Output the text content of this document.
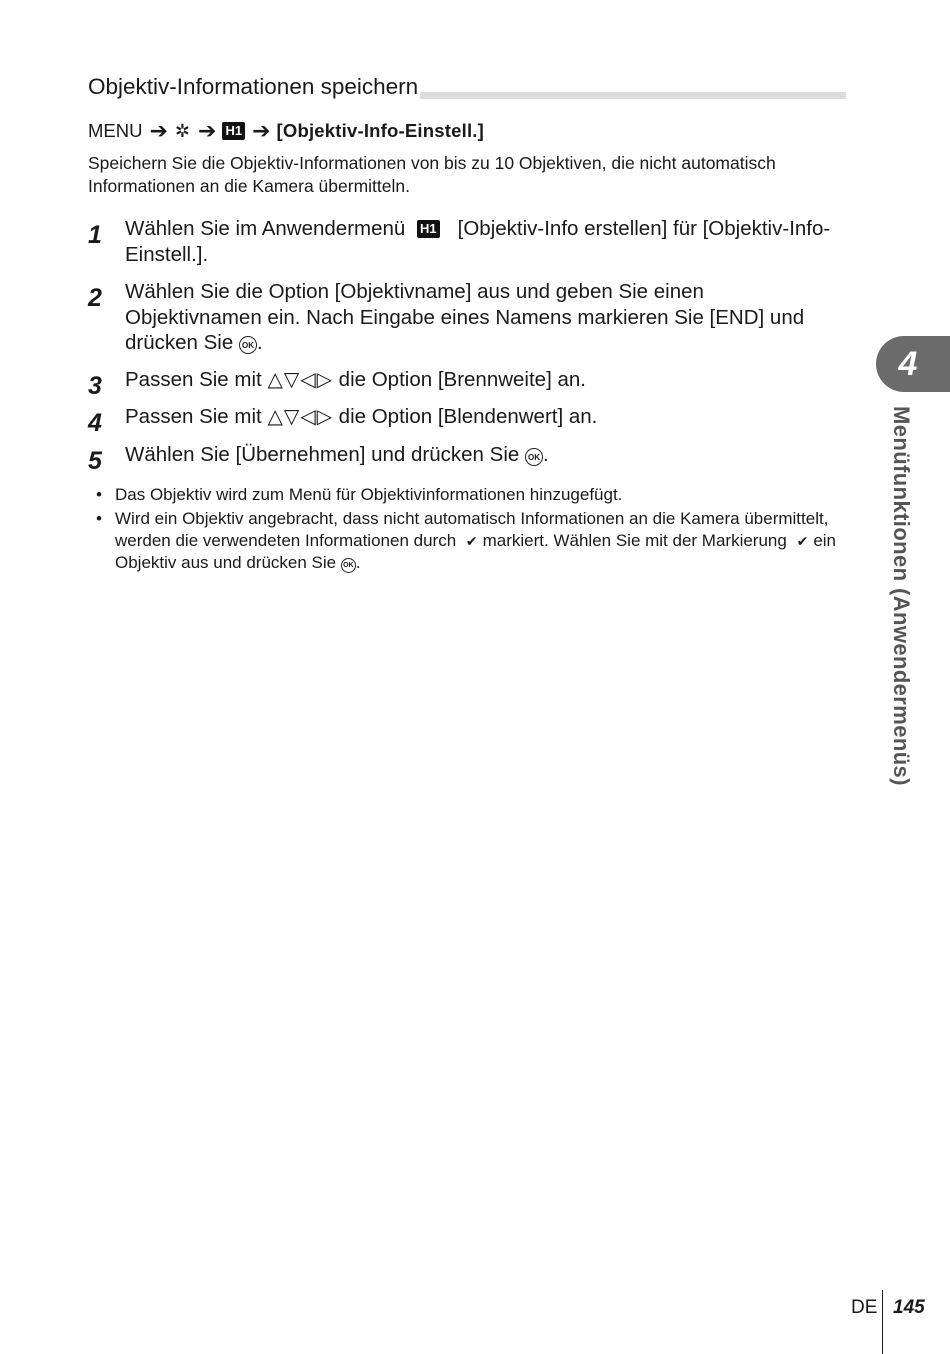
Objektiv-Informationen speichern
MENU ➔ ✲ ➔ H1 ➔ [Objektiv-Info-Einstell.]

Speichern Sie die Objektiv-Informationen von bis zu 10 Objektiven, die nicht automatisch Informationen an die Kamera übermitteln.

1 Wählen Sie im Anwendermenü H1 [Objektiv-Info erstellen] für [Objektiv-Info-Einstell.].
2 Wählen Sie die Option [Objektivname] aus und geben Sie einen Objektivnamen ein. Nach Eingabe eines Namens markieren Sie [END] und drücken Sie OK .
3 Passen Sie mit △▽◁▷ die Option [Brennweite] an.
4 Passen Sie mit △▽◁▷ die Option [Blendenwert] an.
5 Wählen Sie [Übernehmen] und drücken Sie OK .
• Das Objektiv wird zum Menü für Objektivinformationen hinzugefügt.
• Wird ein Objektiv angebracht, dass nicht automatisch Informationen an die Kamera übermittelt, werden die verwendeten Informationen durch ✔ markiert. Wählen Sie mit der Markierung ✔ ein Objektiv aus und drücken Sie OK .
4
Menüfunktionen (Anwendermenüs)
DE 145
